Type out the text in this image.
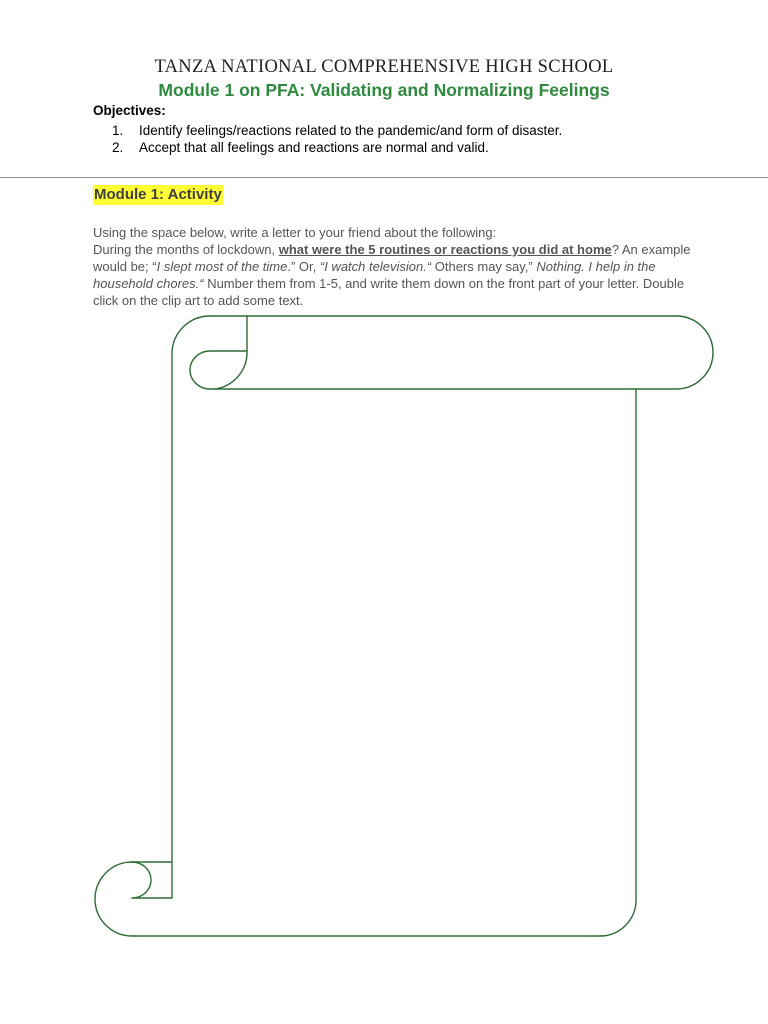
TANZA NATIONAL COMPREHENSIVE HIGH SCHOOL
Module 1 on PFA: Validating and Normalizing Feelings
Objectives:
1. Identify feelings/reactions related to the pandemic/and form of disaster.
2. Accept that all feelings and reactions are normal and valid.
Module 1: Activity

Using the space below, write a letter to your friend about the following:

During the months of lockdown, what were the 5 routines or reactions you did at home? An example would be; “I slept most of the time.” Or, “I watch television.“ Others may say,” Nothing. I help in the household chores.“ Number them from 1-5, and write them down on the front part of your letter. Double click on the clip art to add some text.
